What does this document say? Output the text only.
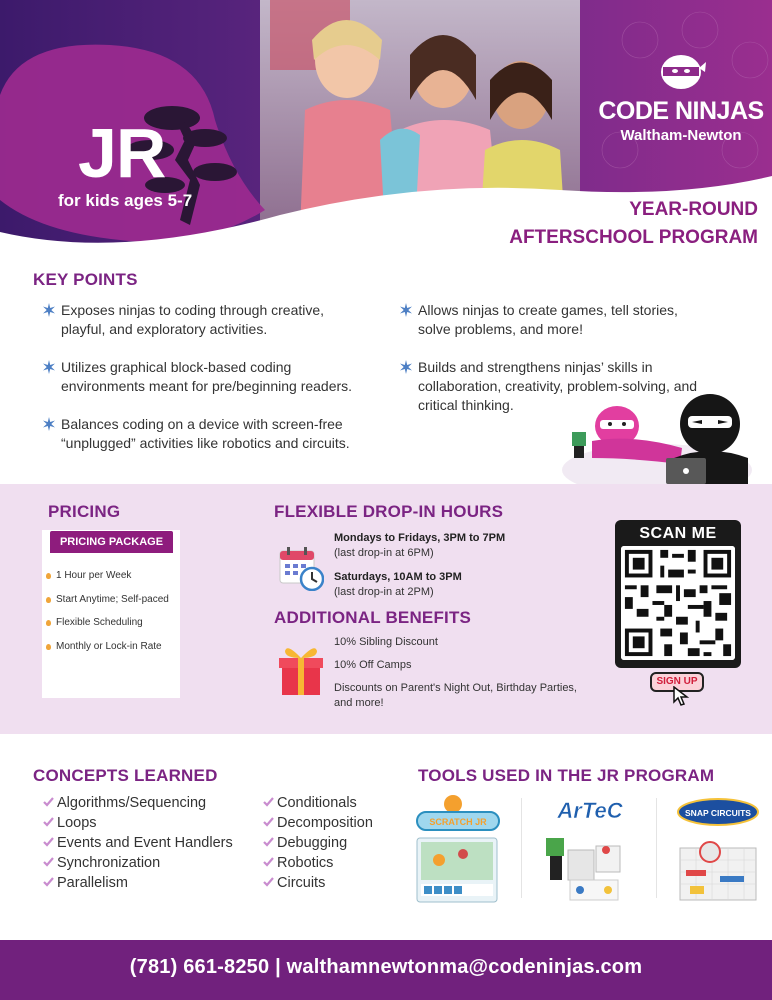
JR
for kids ages 5-7
CODE NINJAS
Waltham-Newton
YEAR-ROUND
AFTERSCHOOL PROGRAM
KEY POINTS
Exposes ninjas to coding through creative, playful, and exploratory activities.
Utilizes graphical block-based coding environments meant for pre/beginning readers.
Balances coding on a device with screen-free “unplugged” activities like robotics and circuits.
Allows ninjas to create games, tell stories, solve problems, and more!
Builds and strengthens ninjas’ skills in collaboration, creativity, problem-solving, and critical thinking.
PRICING
PRICING PACKAGE
1 Hour per Week
Start Anytime; Self-paced
Flexible Scheduling
Monthly or Lock-in Rate
FLEXIBLE DROP-IN HOURS
Mondays to Fridays, 3PM to 7PM
(last drop-in at 6PM)
Saturdays, 10AM to 3PM
(last drop-in at 2PM)
ADDITIONAL BENEFITS
10% Sibling Discount
10% Off Camps
Discounts on Parent's Night Out, Birthday Parties, and more!
SCAN ME
SIGN UP
CONCEPTS LEARNED
Algorithms/Sequencing
Loops
Events and Event Handlers
Synchronization
Parallelism
Conditionals
Decomposition
Debugging
Robotics
Circuits
TOOLS USED IN THE JR PROGRAM
SCRATCH JR	ArTeC	SNAP CIRCUITS
(781) 661-8250 | walthamnewtonma@codeninjas.com
